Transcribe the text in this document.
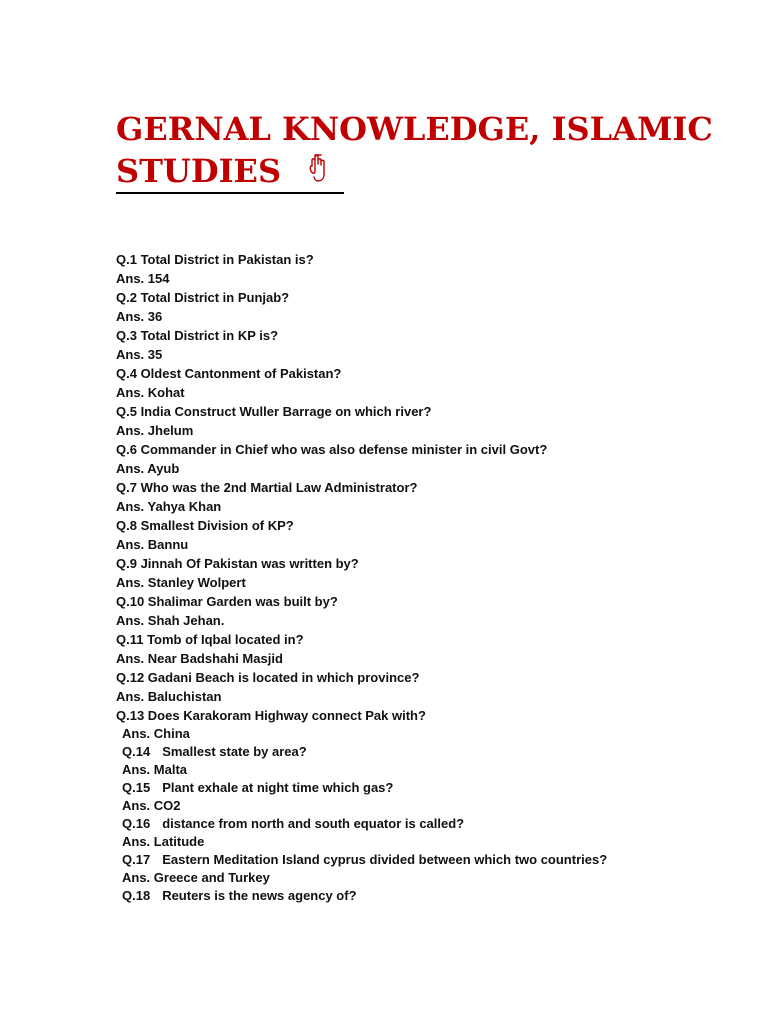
GERNAL KNOWLEDGE, ISLAMIC
STUDIES
Q.1 Total District in Pakistan is?
Ans. 154
Q.2 Total District in Punjab?
Ans. 36
Q.3 Total District in KP is?
Ans. 35
Q.4 Oldest Cantonment of Pakistan?
Ans. Kohat
Q.5 India Construct Wuller Barrage on which river?
Ans. Jhelum
Q.6 Commander in Chief who was also defense minister in civil Govt?
Ans. Ayub
Q.7 Who was the 2nd Martial Law Administrator?
Ans. Yahya Khan
Q.8 Smallest Division of KP?
Ans. Bannu
Q.9 Jinnah Of Pakistan was written by?
Ans. Stanley Wolpert
Q.10 Shalimar Garden was built by?
Ans. Shah Jehan.
Q.11 Tomb of Iqbal located in?
Ans. Near Badshahi Masjid
Q.12 Gadani Beach is located in which province?
Ans. Baluchistan
Q.13 Does Karakoram Highway connect Pak with?
Ans. China
Q.14 Smallest state by area?
Ans. Malta
Q.15 Plant exhale at night time which gas?
Ans. CO2
Q.16 distance from north and south equator is called?
Ans. Latitude
Q.17 Eastern Meditation Island cyprus divided between which two countries?
Ans. Greece and Turkey
Q.18 Reuters is the news agency of?
